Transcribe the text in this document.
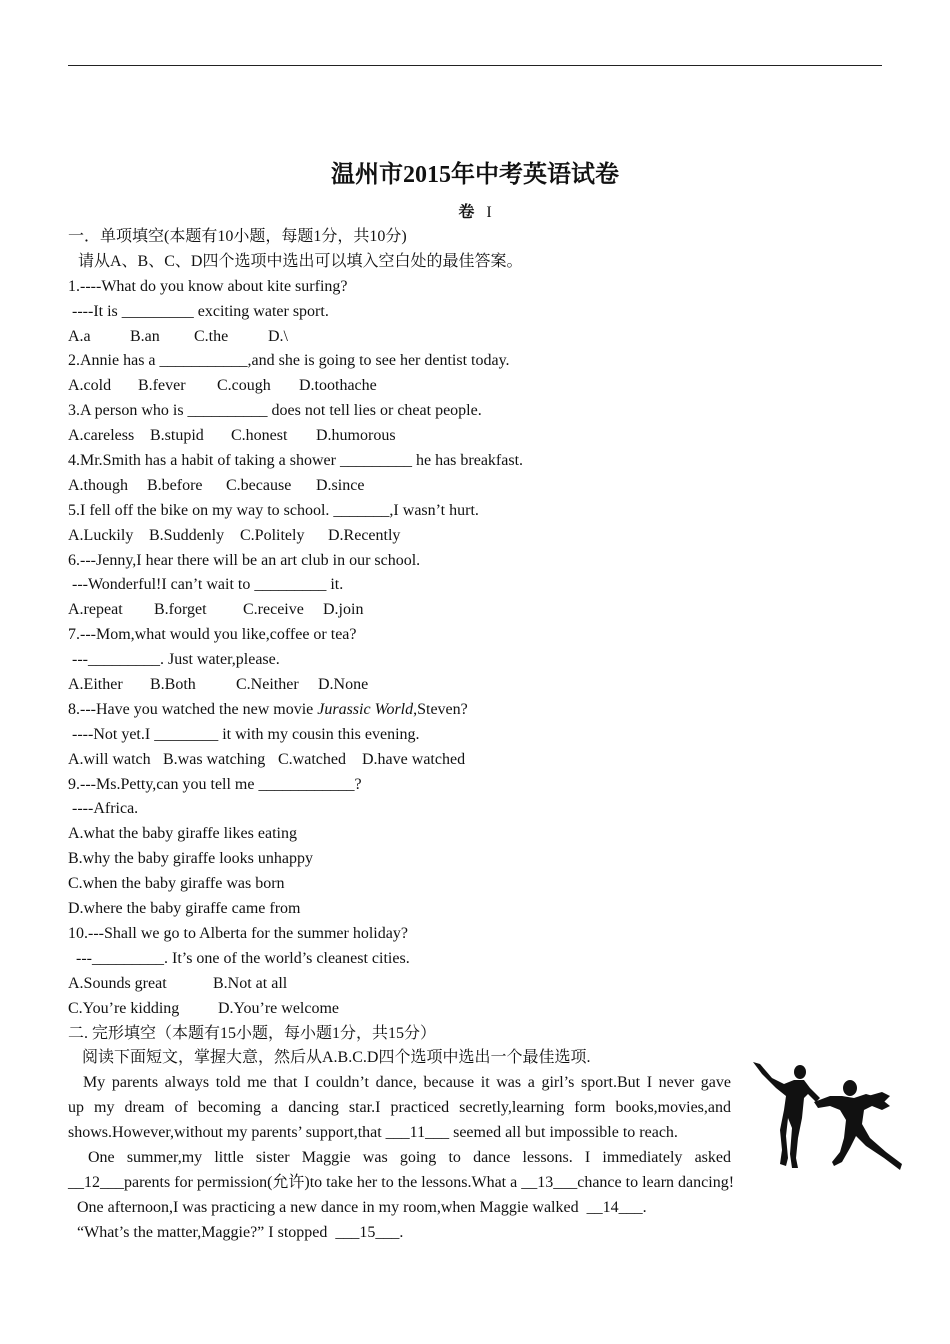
温州市2015年中考英语试卷
卷 I
一．单项填空(本题有10小题，每题1分，共10分)
请从A、B、C、D四个选项中选出可以填入空白处的最佳答案。
1.----What do you know about kite surfing?
----It is _________ exciting water sport.
A.a B.an C.the D.\
2.Annie has a ___________,and she is going to see her dentist today.
A.cold B.fever C.cough D.toothache
3.A person who is __________ does not tell lies or cheat people.
A.careless B.stupid C.honest D.humorous
4.Mr.Smith has a habit of taking a shower _________ he has breakfast.
A.though B.before C.because D.since
5.I fell off the bike on my way to school. _______,I wasn’t hurt.
A.Luckily B.Suddenly C.Politely D.Recently
6.---Jenny,I hear there will be an art club in our school.
---Wonderful!I can’t wait to _________ it.
A.repeat B.forget C.receive D.join
7.---Mom,what would you like,coffee or tea?
---_________. Just water,please.
A.Either B.Both	C.Neither D.None
8.---Have you watched the new movie Jurassic World,Steven?
----Not yet.I ________ it with my cousin this evening.
A.will watch B.was watching C.watched D.have watched
9.---Ms.Petty,can you tell me ____________?
----Africa.
A.what the baby giraffe likes eating
B.why the baby giraffe looks unhappy
C.when the baby giraffe was born
D.where the baby giraffe came from
10.---Shall we go to Alberta for the summer holiday?
---_________. It’s one of the world’s cleanest cities.
A.Sounds great	B.Not at all
C.You’re kidding D.You’re welcome
二. 完形填空（本题有15小题，每小题1分，共15分）
阅读下面短文，掌握大意，然后从A.B.C.D四个选项中选出一个最佳选项.
My parents always told me that I couldn’t dance, because it was a girl’s sport.But I never gave
up my dream of becoming a dancing star.I practiced secretly,learning form books,movies,and
shows.However,without my parents’ support,that ___11___ seemed all but impossible to reach.
One summer,my little sister Maggie was going to dance lessons. I immediately asked
__12___parents for permission(允许)to take her to the lessons.What a __13___chance to learn dancing!
One afternoon,I was practicing a new dance in my room,when Maggie walked  __14___.
“What’s the matter,Maggie?” I stopped  ___15___.
